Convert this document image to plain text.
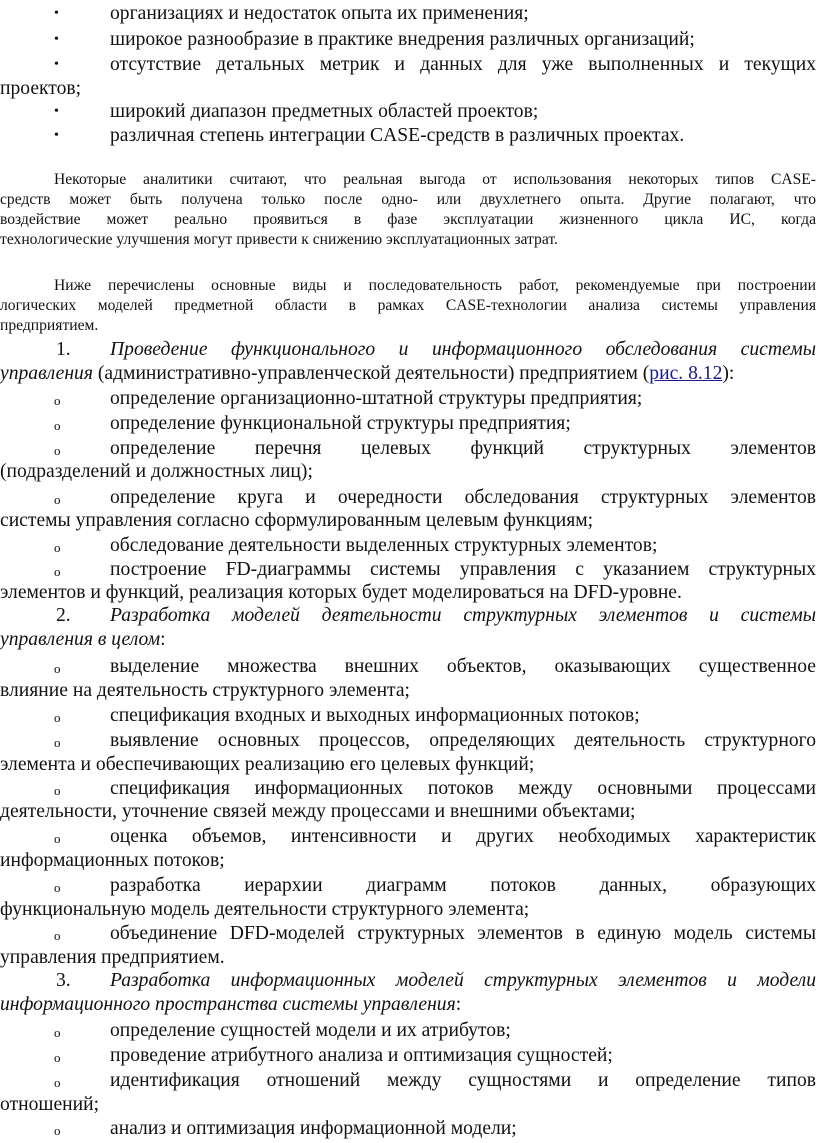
•	организациях и недостаток опыта их применения;
•	широкое разнообразие в практике внедрения различных организаций;
•	отсутствие детальных метрик и данных для уже выполненных и текущих
проектов;
•	широкий диапазон предметных областей проектов;
•	различная степень интеграции CASE-средств в различных проектах.
Некоторые аналитики считают, что реальная выгода от использования некоторых типов CASE-
средств может быть получена только после одно- или двухлетнего опыта. Другие полагают, что
воздействие может реально проявиться в фазе эксплуатации жизненного цикла ИС, когда
технологические улучшения могут привести к снижению эксплуатационных затрат.
Ниже перечислены основные виды и последовательность работ, рекомендуемые при построении
логических моделей предметной области в рамках CASE-технологии анализа системы управления
предприятием.
1. Проведение функционального и информационного обследования системы
управления (административно-управленческой деятельности) предприятием (рис. 8.12):
o	определение организационно-штатной структуры предприятия;
o	определение функциональной структуры предприятия;
o	определение перечня целевых функций структурных элементов
(подразделений и должностных лиц);
o	определение круга и очередности обследования структурных элементов
системы управления согласно сформулированным целевым функциям;
o	обследование деятельности выделенных структурных элементов;
o	построение FD-диаграммы системы управления с указанием структурных
элементов и функций, реализация которых будет моделироваться на DFD-уровне.
2. Разработка моделей деятельности структурных элементов и системы
управления в целом:
o	выделение множества внешних объектов, оказывающих существенное
влияние на деятельность структурного элемента;
o	спецификация входных и выходных информационных потоков;
o	выявление основных процессов, определяющих деятельность структурного
элемента и обеспечивающих реализацию его целевых функций;
o	спецификация информационных потоков между основными процессами
деятельности, уточнение связей между процессами и внешними объектами;
o	оценка объемов, интенсивности и других необходимых характеристик
информационных потоков;
o	разработка иерархии диаграмм потоков данных, образующих
функциональную модель деятельности структурного элемента;
o	объединение DFD-моделей структурных элементов в единую модель системы
управления предприятием.
3. Разработка информационных моделей структурных элементов и модели
информационного пространства системы управления:
o	определение сущностей модели и их атрибутов;
o	проведение атрибутного анализа и оптимизация сущностей;
o	идентификация отношений между сущностями и определение типов
отношений;
o	анализ и оптимизация информационной модели;
